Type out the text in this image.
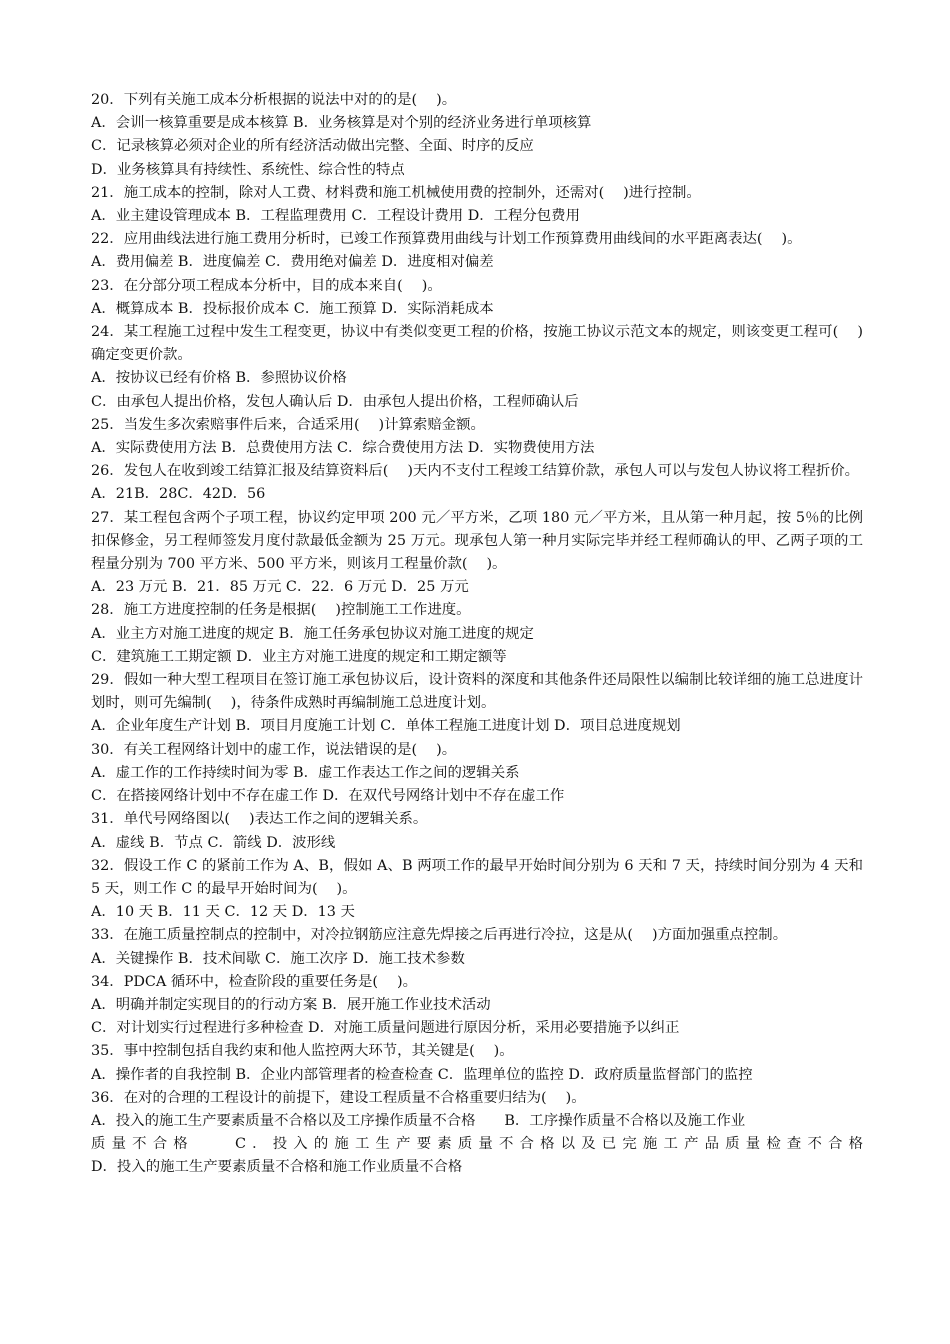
20．下列有关施工成本分析根据的说法中对的的是(　 )。
A．会训一核算重要是成本核算 B．业务核算是对个别的经济业务进行单项核算
C．记录核算必须对企业的所有经济活动做出完整、全面、时序的反应
D．业务核算具有持续性、系统性、综合性的特点
21．施工成本的控制，除对人工费、材料费和施工机械使用费的控制外，还需对(　 )进行控制。
A．业主建设管理成本 B．工程监理费用 C．工程设计费用 D．工程分包费用
22．应用曲线法进行施工费用分析时，已竣工作预算费用曲线与计划工作预算费用曲线间的水平距离表达(　 )。
A．费用偏差 B．进度偏差 C．费用绝对偏差 D．进度相对偏差
23．在分部分项工程成本分析中，目的成本来自(　 )。
A．概算成本 B．投标报价成本 C．施工预算 D．实际消耗成本
24．某工程施工过程中发生工程变更，协议中有类似变更工程的价格，按施工协议示范文本的规定，则该变更工程可(　 )确定变更价款。
A．按协议已经有价格 B．参照协议价格
C．由承包人提出价格，发包人确认后 D．由承包人提出价格，工程师确认后
25．当发生多次索赔事件后来，合适采用(　 )计算索赔金额。
A．实际费使用方法 B．总费使用方法 C．综合费使用方法 D．实物费使用方法
26．发包人在收到竣工结算汇报及结算资料后(　 )天内不支付工程竣工结算价款，承包人可以与发包人协议将工程折价。
A．21B．28C．42D．56
27．某工程包含两个子项工程，协议约定甲项 200 元／平方米，乙项 180 元／平方米，且从第一种月起，按 5％的比例扣保修金，另工程师签发月度付款最低金额为 25 万元。现承包人第一种月实际完毕并经工程师确认的甲、乙两子项的工程量分别为 700 平方米、500 平方米，则该月工程量价款(　 )。
A．23 万元 B．21．85 万元 C．22．6 万元 D．25 万元
28．施工方进度控制的任务是根据(　 )控制施工工作进度。
A．业主方对施工进度的规定 B．施工任务承包协议对施工进度的规定
C．建筑施工工期定额 D．业主方对施工进度的规定和工期定额等
29．假如一种大型工程项目在签订施工承包协议后，设计资料的深度和其他条件还局限性以编制比较详细的施工总进度计划时，则可先编制(　 )，待条件成熟时再编制施工总进度计划。
A．企业年度生产计划 B．项目月度施工计划 C．单体工程施工进度计划 D．项目总进度规划
30．有关工程网络计划中的虚工作，说法错误的是(　 )。
A．虚工作的工作持续时间为零 B．虚工作表达工作之间的逻辑关系
C．在搭接网络计划中不存在虚工作 D．在双代号网络计划中不存在虚工作
31．单代号网络图以(　 )表达工作之间的逻辑关系。
A．虚线 B．节点 C．箭线 D．波形线
32．假设工作 C 的紧前工作为 A、B，假如 A、B 两项工作的最早开始时间分别为 6 天和 7 天，持续时间分别为 4 天和 5 天，则工作 C 的最早开始时间为(　 )。
A．10 天 B．11 天 C．12 天 D．13 天
33．在施工质量控制点的控制中，对冷拉钢筋应注意先焊接之后再进行冷拉，这是从(　 )方面加强重点控制。
A．关键操作 B．技术间歇 C．施工次序 D．施工技术参数
34．PDCA 循环中，检查阶段的重要任务是(　 )。
A．明确并制定实现目的的行动方案 B．展开施工作业技术活动
C．对计划实行过程进行多种检查 D．对施工质量问题进行原因分析，采用必要措施予以纠正
35．事中控制包括自我约束和他人监控两大环节，其关键是(　 )。
A．操作者的自我控制 B．企业内部管理者的检查检查 C．监理单位的监控 D．政府质量监督部门的监控
36．在对的合理的工程设计的前提下，建设工程质量不合格重要归结为(　 )。
A．投入的施工生产要素质量不合格以及工序操作质量不合格　　B．工序操作质量不合格以及施工作业
质量不合格　　C．投入的施工生产要素质量不合格以及已完施工产品质量检查不合格
D．投入的施工生产要素质量不合格和施工作业质量不合格
